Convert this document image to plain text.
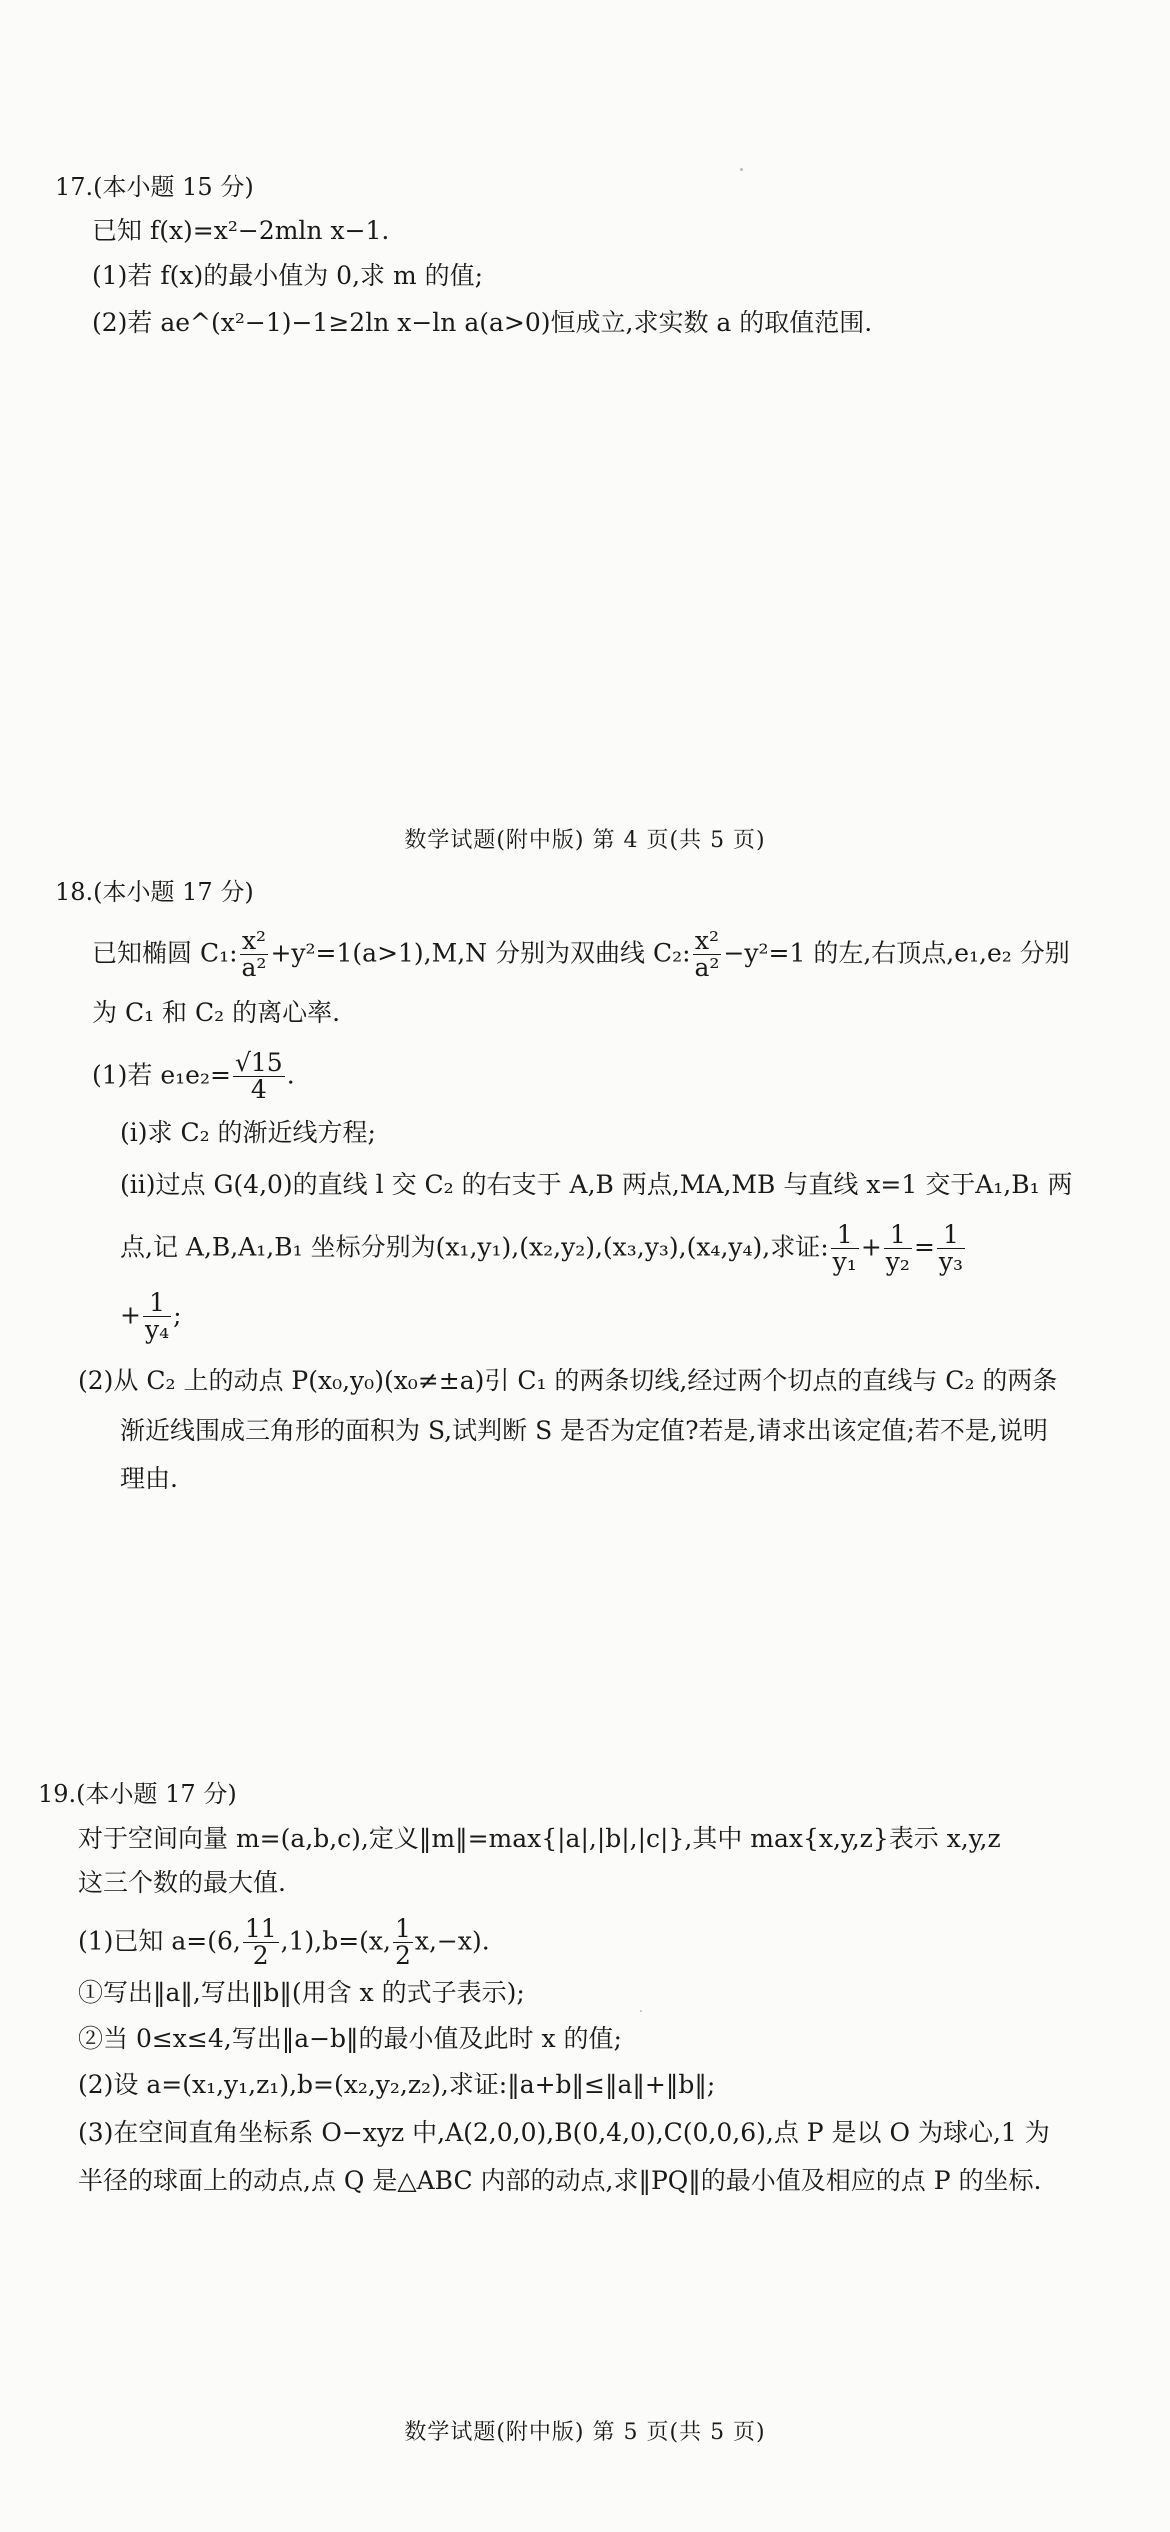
17.(本小题 15 分)
已知 f(x)=x²−2mln x−1.
(1)若 f(x)的最小值为 0,求 m 的值;
(2)若 ae^(x²−1)−1≥2ln x−ln a(a>0)恒成立,求实数 a 的取值范围.
数学试题(附中版) 第 4 页(共 5 页)
18.(本小题 17 分)
已知椭圆 C₁: $\frac{\text{x²}}{\text{a²}} +y^2=1(a>1),M,N$ 分别为双曲线 C₂: $\frac{\text{x²}}{\text{a²}} -y^2=1$ 的左,右顶点,e₁,e₂ 分别
为 C₁ 和 C₂ 的离心率.
(1)若 $e_1e_2= \frac{√15}{4}$ .
(ⅰ)求 C₂ 的渐近线方程;
(ⅱ)过点 G(4,0)的直线 l 交 C₂ 的右支于 A,B 两点,MA,MB 与直线 x=1 交于A₁,B₁ 两
点,记 A,B,A₁,B₁ 坐标分别为(x₁,y₁),(x₂,y₂),(x₃,y₃),(x₄,y₄),求证: $\frac{1}{\text{y₁}} + \frac{1}{\text{y₂}} = \frac{1}{\text{y₃}}$
+ $\frac{1}{\text{y₄}}$ ;
(2)从 C₂ 上的动点 P(x₀,y₀)(x₀≠±a)引 C₁ 的两条切线,经过两个切点的直线与 C₂ 的两条
渐近线围成三角形的面积为 S,试判断 S 是否为定值?若是,请求出该定值;若不是,说明
理由.
19.(本小题 17 分)
对于空间向量 m=(a,b,c),定义‖m‖=max{|a|,|b|,|c|},其中 max{x,y,z}表示 x,y,z
这三个数的最大值.
(1)已知 a=(6, $\frac{11}{2} ,1),b=(x$, $\frac{1}{2} x,-x$).
①写出‖a‖,写出‖b‖(用含 x 的式子表示);
②当 0≤x≤4,写出‖a−b‖的最小值及此时 x 的值;
(2)设 a=(x₁,y₁,z₁),b=(x₂,y₂,z₂),求证:‖a+b‖≤‖a‖+‖b‖;
(3)在空间直角坐标系 O−xyz 中,A(2,0,0),B(0,4,0),C(0,0,6),点 P 是以 O 为球心,1 为
半径的球面上的动点,点 Q 是△ABC 内部的动点,求‖PQ‖的最小值及相应的点 P 的坐标.
数学试题(附中版) 第 5 页(共 5 页)
